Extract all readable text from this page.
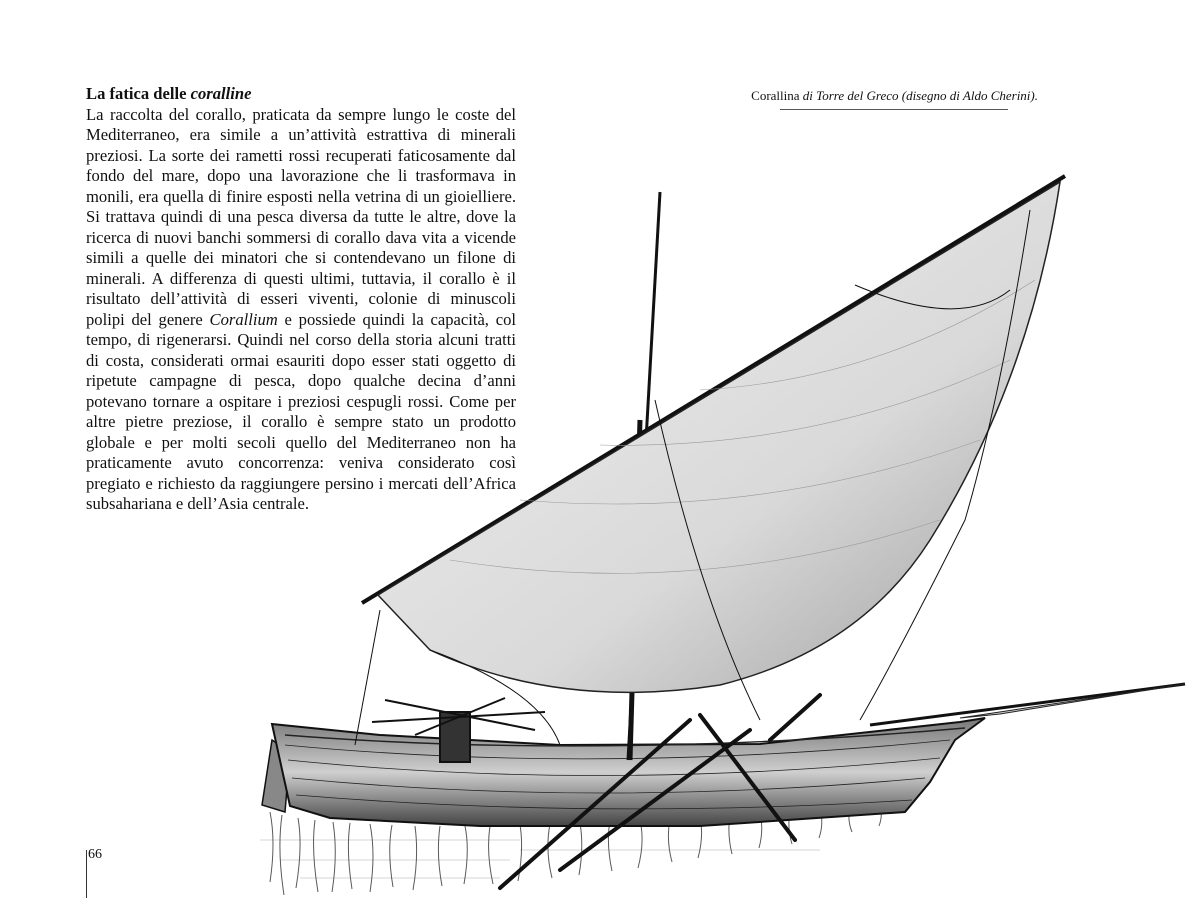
La fatica delle coralline

La raccolta del corallo, praticata da sempre lungo le coste del Mediterraneo, era simile a un’attività estrattiva di minerali preziosi. La sorte dei rametti rossi recuperati faticosamente dal fondo del mare, dopo una lavorazione che li trasformava in monili, era quella di finire esposti nella vetrina di un gioielliere. Si trattava quindi di una pesca diversa da tutte le altre, dove la ricerca di nuovi banchi sommersi di corallo dava vita a vicende simili a quelle dei minatori che si contendevano un filone di minerali. A differenza di questi ultimi, tuttavia, il corallo è il risultato dell’attività di esseri viventi, colonie di minuscoli polipi del genere Corallium e possiede quindi la capacità, col tempo, di rigenerarsi. Quindi nel corso della storia alcuni tratti di costa, considerati ormai esauriti dopo esser stati oggetto di ripetute campagne di pesca, dopo qualche decina d’anni potevano tornare a ospitare i preziosi cespugli rossi. Come per altre pietre preziose, il corallo è sempre stato un prodotto globale e per molti secoli quello del Mediterraneo non ha praticamente avuto concorrenza: veniva considerato così pregiato e richiesto da raggiungere persino i mercati dell’Africa subsahariana e dell’Asia centrale.

Corallina di Torre del Greco (disegno di Aldo Cherini).
66
